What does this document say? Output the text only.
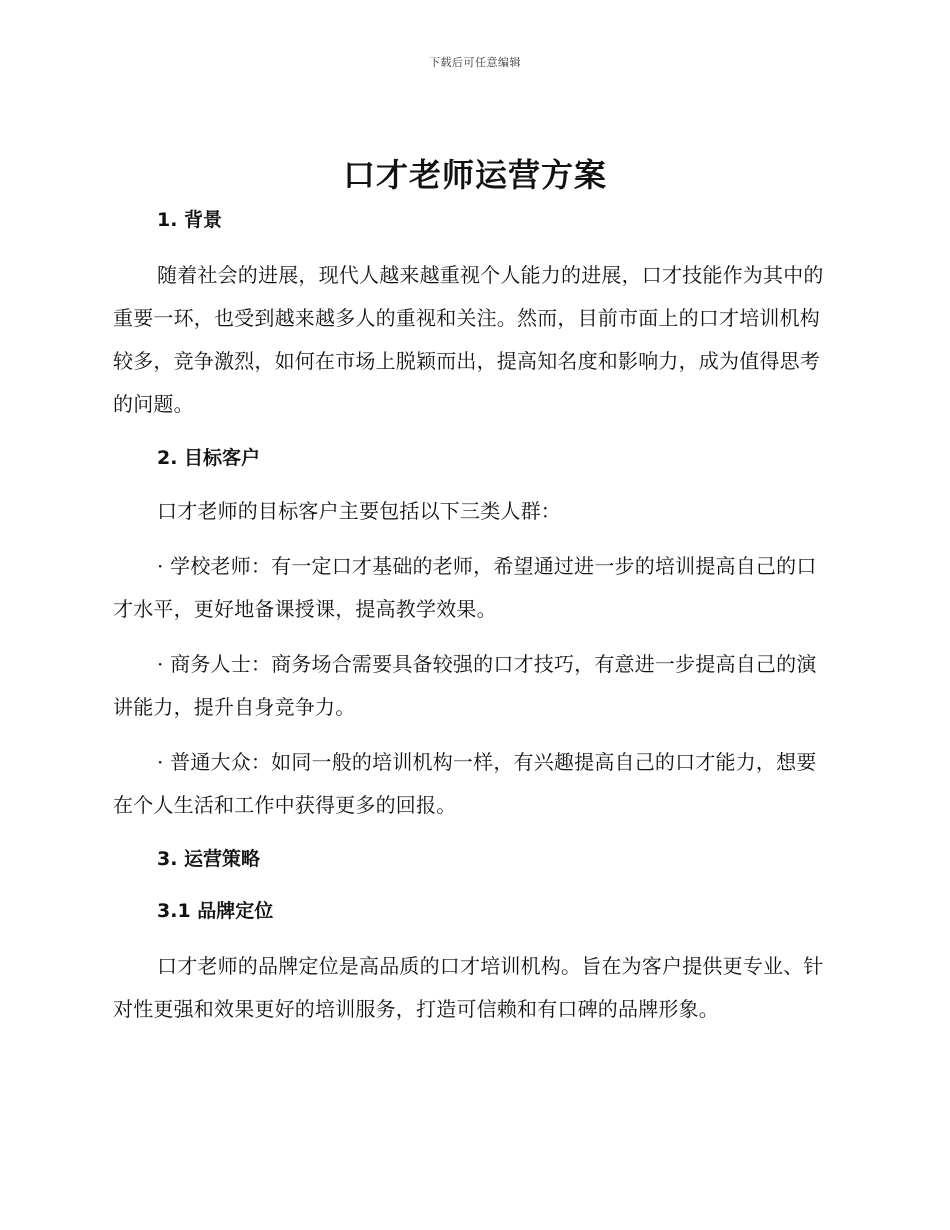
下载后可任意编辑
口才老师运营方案
1. 背景

随着社会的进展，现代人越来越重视个人能力的进展，口才技能作为其中的重要一环，也受到越来越多人的重视和关注。然而，目前市面上的口才培训机构较多，竞争激烈，如何在市场上脱颖而出，提高知名度和影响力，成为值得思考的问题。

2. 目标客户

口才老师的目标客户主要包括以下三类人群：

· 学校老师：有一定口才基础的老师，希望通过进一步的培训提高自己的口才水平，更好地备课授课，提高教学效果。

· 商务人士：商务场合需要具备较强的口才技巧，有意进一步提高自己的演讲能力，提升自身竞争力。

· 普通大众：如同一般的培训机构一样，有兴趣提高自己的口才能力，想要在个人生活和工作中获得更多的回报。

3. 运营策略
3.1 品牌定位

口才老师的品牌定位是高品质的口才培训机构。旨在为客户提供更专业、针对性更强和效果更好的培训服务，打造可信赖和有口碑的品牌形象。
